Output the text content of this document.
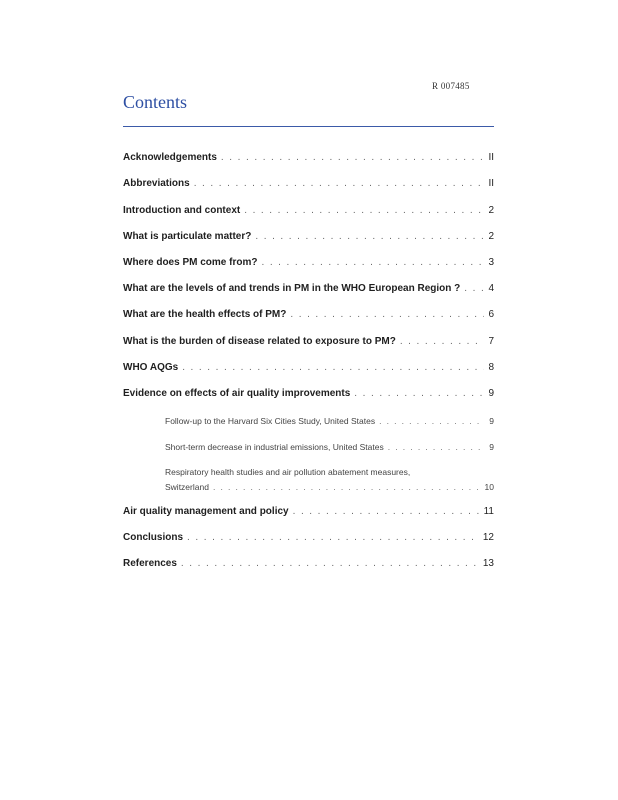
R 007485
Contents
Acknowledgements . . .	II
Abbreviations . . .	II
Introduction and context . . .	2
What is particulate matter? . . .	2
Where does PM come from? . . .	3
What are the levels of and trends in PM in the WHO European Region ? . . .	4
What are the health effects of PM? . . .	6
What is the burden of disease related to exposure to PM? . . .	7
WHO AQGs . . .	8
Evidence on effects of air quality improvements . . .	9
Follow-up to the Harvard Six Cities Study, United States . . .	9
Short-term decrease in industrial emissions, United States . . .	9
Respiratory health studies and air pollution abatement measures,
Switzerland . . .	10
Air quality management and policy . . .	11
Conclusions . . .	12
References . . .	13
